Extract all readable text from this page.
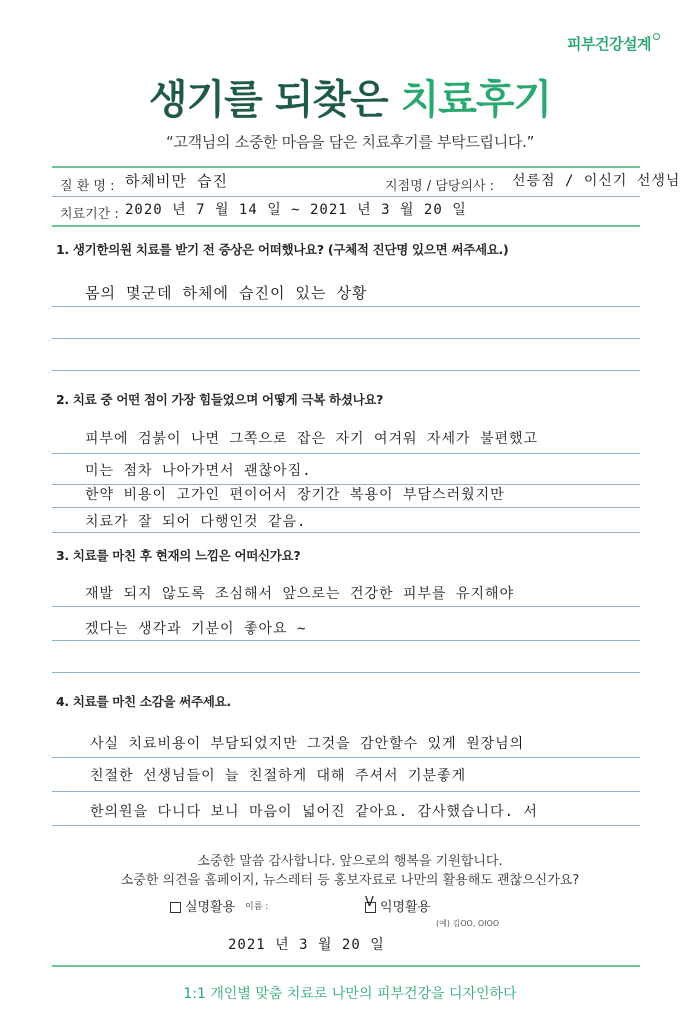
피부건강설계
생기를 되찾은 치료후기
“고객님의 소중한 마음을 담은 치료후기를 부탁드립니다.”
질 환 명 : 하체비만 습진	지점명 / 담당의사 : 선릉점 / 이신기 선생님
치료기간 : 2020 년 7 월 14 일 ~ 2021 년 3 월 20 일
1. 생기한의원 치료를 받기 전 증상은 어떠했나요? (구체적 진단명 있으면 써주세요.)
몸의 몇군데 하체에 습진이 있는 상황
2. 치료 중 어떤 점이 가장 힘들었으며 어떻게 극복 하셨나요?
피부에 검붉이 나면 그쪽으로 잡은 자기 여겨워 자세가 불편했고
미는 점차 나아가면서 괜찮아짐.
한약 비용이 고가인 편이어서 장기간 복용이 부담스러웠지만
치료가 잘 되어 다행인것 같음.
3. 치료를 마친 후 현재의 느낌은 어떠신가요?
재발 되지 않도록 조심해서 앞으로는 건강한 피부를 유지해야
겠다는 생각과 기분이 좋아요 ~
4. 치료를 마친 소감을 써주세요.
사실 치료비용이 부담되었지만 그것을 감안할수 있게 원장님의
친절한 선생님들이 늘 친절하게 대해 주셔서 기분좋게
한의원을 다니다 보니 마음이 넓어진 같아요. 감사했습니다. 서
소중한 말씀 감사합니다. 앞으로의 행복을 기원합니다.
소중한 의견을 홈페이지, 뉴스레터 등 홍보자료로 나만의 활용해도 괜찮으신가요?
실명활용 이름 :	V 익명활용
(예) 김OO, OIOO
2021 년 3 월 20 일
1:1 개인별 맞춤 치료로 나만의 피부건강을 디자인하다
